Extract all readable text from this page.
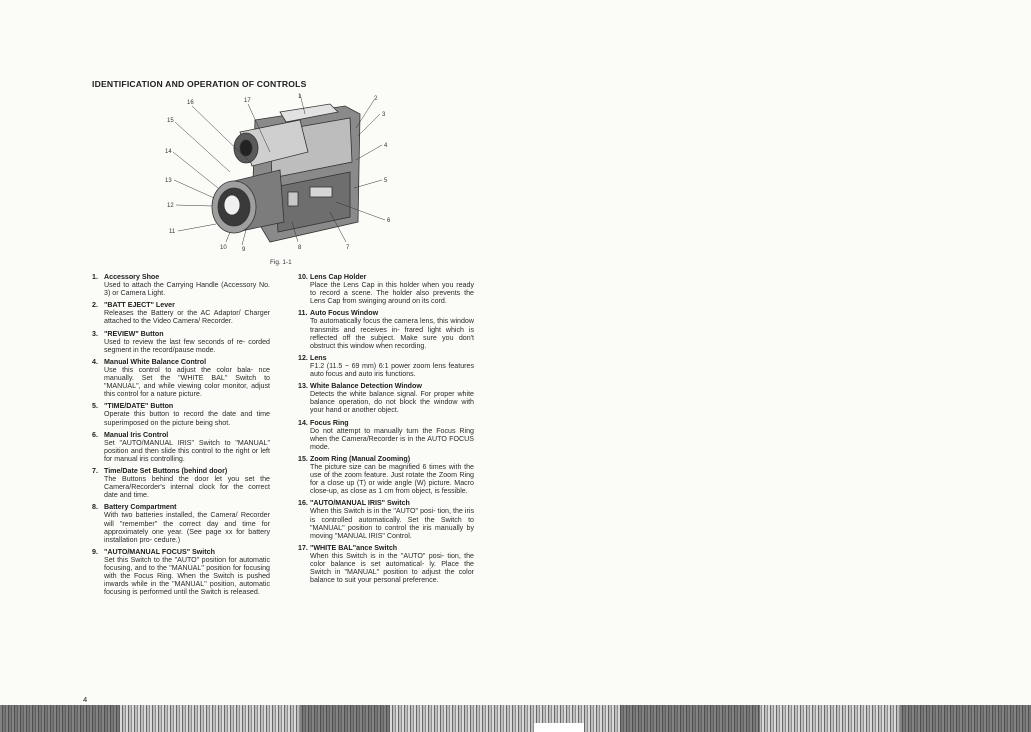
IDENTIFICATION AND OPERATION OF CONTROLS
16	17
1	2
3
15
4
14
5
13
12
6
11
10	9	8	7
Fig. 1-1
1. Accessory Shoe
Used to attach the Carrying Handle (Accessory No. 3) or Camera Light.
2. "BATT EJECT" Lever
Releases the Battery or the AC Adaptor/ Charger attached to the Video Camera/ Recorder.
3. "REVIEW" Button
Used to review the last few seconds of re- corded segment in the record/pause mode.
4. Manual White Balance Control
Use this control to adjust the color bala- nce manually. Set the "WHITE BAL" Switch to "MANUAL", and while viewing color monitor, adjust this control for a nature picture.
5. "TIME/DATE" Button
Operate this button to record the date and time superimposed on the picture being shot.
6. Manual Iris Control
Set "AUTO/MANUAL IRIS" Switch to "MANUAL" position and then slide this control to the right or left for manual iris controlling.
7. Time/Date Set Buttons (behind door)
The Buttons behind the door let you set the Camera/Recorder's internal clock for the correct date and time.
8. Battery Compartment
With two batteries installed, the Camera/ Recorder will "remember" the correct day and time for approximately one year. (See page xx for battery installation pro- cedure.)
9. "AUTO/MANUAL FOCUS" Switch
Set this Switch to the "AUTO" position for automatic focusing, and to the "MANUAL" position for focusing with the Focus Ring. When the Switch is pushed inwards while in the "MANUAL" position, automatic focusing is performed until the Switch is released.
10. Lens Cap Holder
Place the Lens Cap in this holder when you ready to record a scene. The holder also prevents the Lens Cap from swinging around on its cord.
11. Auto Focus Window
To automatically focus the camera lens, this window transmits and receives in- frared light which is reflected off the subject. Make sure you don't obstruct this window when recording.
12. Lens
F1.2 (11.5 ~ 69 mm) 6:1 power zoom lens features auto focus and auto iris functions.
13. White Balance Detection Window
Detects the white balance signal. For proper white balance operation, do not block the window with your hand or another object.
14. Focus Ring
Do not attempt to manually turn the Focus Ring when the Camera/Recorder is in the AUTO FOCUS mode.
15. Zoom Ring (Manual Zooming)
The picture size can be magnified 6 times with the use of the zoom feature. Just rotate the Zoom Ring for a close up (T) or wide angle (W) picture. Macro close-up, as close as 1 cm from object, is fessible.
16. "AUTO/MANUAL IRIS" Switch
When this Switch is in the "AUTO" posi- tion, the iris is controlled automatically. Set the Switch to "MANUAL" position to control the iris manually by moving "MANUAL IRIS" Control.
17. "WHITE BAL"ance Switch
When this Switch is in the "AUTO" posi- tion, the color balance is set automatical- ly. Place the Switch in "MANUAL" position to adjust the color balance to suit your personal preference.
4
